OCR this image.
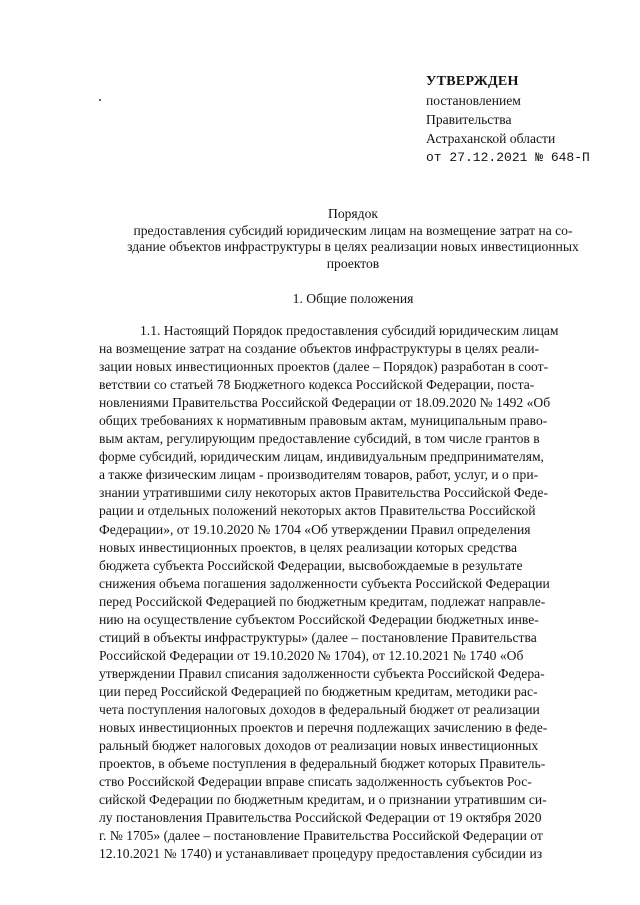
УТВЕРЖДЕН
постановлением
Правительства
Астраханской области
от 27.12.2021 № 648-П
Порядок
предоставления субсидий юридическим лицам на возмещение затрат на со-
здание объектов инфраструктуры в целях реализации новых инвестиционных
проектов
1. Общие положения
1.1. Настоящий Порядок предоставления субсидий юридическим лицам
на возмещение затрат на создание объектов инфраструктуры в целях реали-
зации новых инвестиционных проектов (далее – Порядок) разработан в соот-
ветствии со статьей 78 Бюджетного кодекса Российской Федерации, поста-
новлениями Правительства Российской Федерации от 18.09.2020 № 1492 «Об
общих требованиях к нормативным правовым актам, муниципальным право-
вым актам, регулирующим предоставление субсидий, в том числе грантов в
форме субсидий, юридическим лицам, индивидуальным предпринимателям,
а также физическим лицам - производителям товаров, работ, услуг, и о при-
знании утратившими силу некоторых актов Правительства Российской Феде-
рации и отдельных положений некоторых актов Правительства Российской
Федерации», от 19.10.2020 № 1704 «Об утверждении Правил определения
новых инвестиционных проектов, в целях реализации которых средства
бюджета субъекта Российской Федерации, высвобождаемые в результате
снижения объема погашения задолженности субъекта Российской Федерации
перед Российской Федерацией по бюджетным кредитам, подлежат направле-
нию на осуществление субъектом Российской Федерации бюджетных инве-
стиций в объекты инфраструктуры» (далее – постановление Правительства
Российской Федерации от 19.10.2020 № 1704), от 12.10.2021 № 1740 «Об
утверждении Правил списания задолженности субъекта Российской Федера-
ции перед Российской Федерацией по бюджетным кредитам, методики рас-
чета поступления налоговых доходов в федеральный бюджет от реализации
новых инвестиционных проектов и перечня подлежащих зачислению в феде-
ральный бюджет налоговых доходов от реализации новых инвестиционных
проектов, в объеме поступления в федеральный бюджет которых Правитель-
ство Российской Федерации вправе списать задолженность субъектов Рос-
сийской Федерации по бюджетным кредитам, и о признании утратившим си-
лу постановления Правительства Российской Федерации от 19 октября 2020
г. № 1705» (далее – постановление Правительства Российской Федерации от
12.10.2021 № 1740) и устанавливает процедуру предоставления субсидии из
